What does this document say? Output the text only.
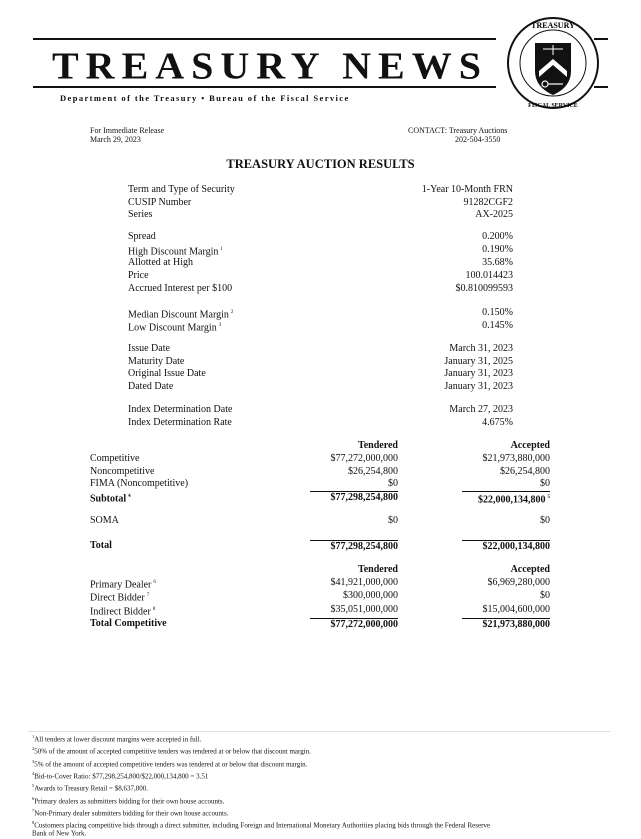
TREASURY NEWS
Department of the Treasury • Bureau of the Fiscal Service
TREASURY
FISCAL SERVICE
For Immediate Release
March 29, 2023
CONTACT: Treasury Auctions
202-504-3550
TREASURY AUCTION RESULTS
Term and Type of Security	1-Year 10-Month FRN
CUSIP Number	91282CGF2
Series	AX-2025
Spread	0.200%
High Discount Margin $^1$	0.190%
Allotted at High	35.68%
Price	100.014423
Accrued Interest per $100	$0.810099593
Median Discount Margin $^2$	0.150%
Low Discount Margin $^3$	0.145%
Issue Date	March 31, 2023
Maturity Date	January 31, 2025
Original Issue Date	January 31, 2023
Dated Date	January 31, 2023
Index Determination Date	March 27, 2023
Index Determination Rate	4.675%
Tendered	Accepted
Competitive	$77,272,000,000	$21,973,880,000
Noncompetitive	$26,254,800	$26,254,800
FIMA (Noncompetitive)	$0	$0
Subtotal $^4$	$77,298,254,800	$22,000,134,800 $^5$
SOMA	$0	$0
Total	$77,298,254,800	$22,000,134,800
Tendered	Accepted
Primary Dealer $^6$	$41,921,000,000	$6,969,280,000
Direct Bidder $^7$	$300,000,000	$0
Indirect Bidder $^8$	$35,051,000,000	$15,004,600,000
Total Competitive	$77,272,000,000	$21,973,880,000
$^1$All tenders at lower discount margins were accepted in full.
$^2$50% of the amount of accepted competitive tenders was tendered at or below that discount margin.
$^3$5% of the amount of accepted competitive tenders was tendered at or below that discount margin.
$^4$Bid-to-Cover Ratio: $77,298,254,800/$22,000,134,800 = 3.51
$^5$Awards to Treasury Retail = $8,637,800.
$^6$Primary dealers as submitters bidding for their own house accounts.
$^7$Non-Primary dealer submitters bidding for their own house accounts.
$^8$Customers placing competitive bids through a direct submitter, including Foreign and International Monetary Authorities placing bids through the Federal Reserve
Bank of New York.
